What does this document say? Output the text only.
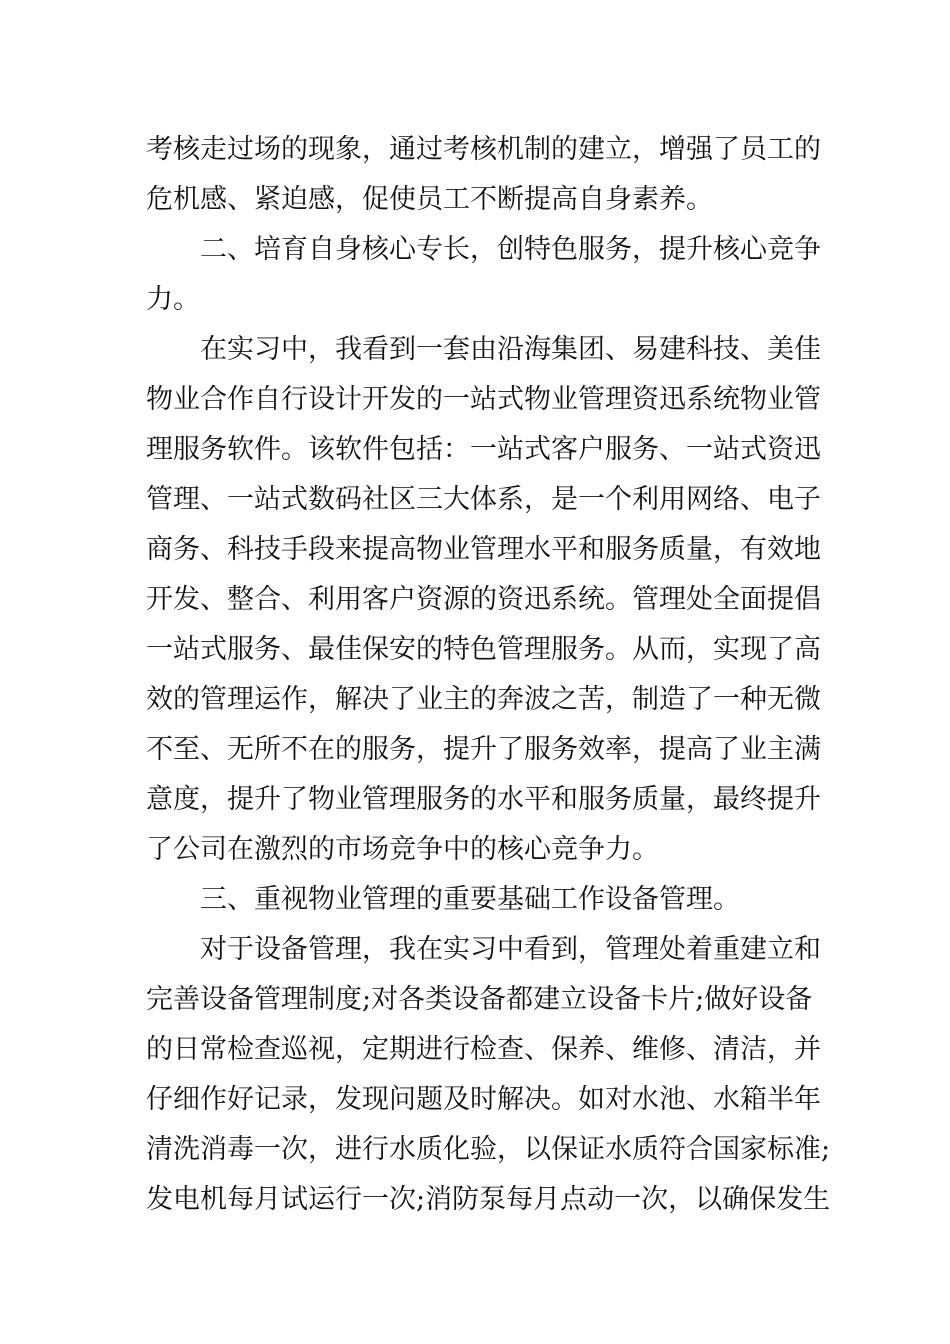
考核走过场的现象，通过考核机制的建立，增强了员工的
危机感、紧迫感，促使员工不断提高自身素养。
二、培育自身核心专长，创特色服务，提升核心竞争
力。
在实习中，我看到一套由沿海集团、易建科技、美佳
物业合作自行设计开发的一站式物业管理资迅系统物业管
理服务软件。该软件包括：一站式客户服务、一站式资迅
管理、一站式数码社区三大体系，是一个利用网络、电子
商务、科技手段来提高物业管理水平和服务质量，有效地
开发、整合、利用客户资源的资迅系统。管理处全面提倡
一站式服务、最佳保安的特色管理服务。从而，实现了高
效的管理运作，解决了业主的奔波之苦，制造了一种无微
不至、无所不在的服务，提升了服务效率，提高了业主满
意度，提升了物业管理服务的水平和服务质量，最终提升
了公司在激烈的市场竞争中的核心竞争力。
三、重视物业管理的重要基础工作设备管理。
对于设备管理，我在实习中看到，管理处着重建立和
完善设备管理制度;对各类设备都建立设备卡片;做好设备
的日常检查巡视，定期进行检查、保养、维修、清洁，并
仔细作好记录，发现问题及时解决。如对水池、水箱半年
清洗消毒一次，进行水质化验，以保证水质符合国家标准;
发电机每月试运行一次;消防泵每月点动一次，以确保发生
